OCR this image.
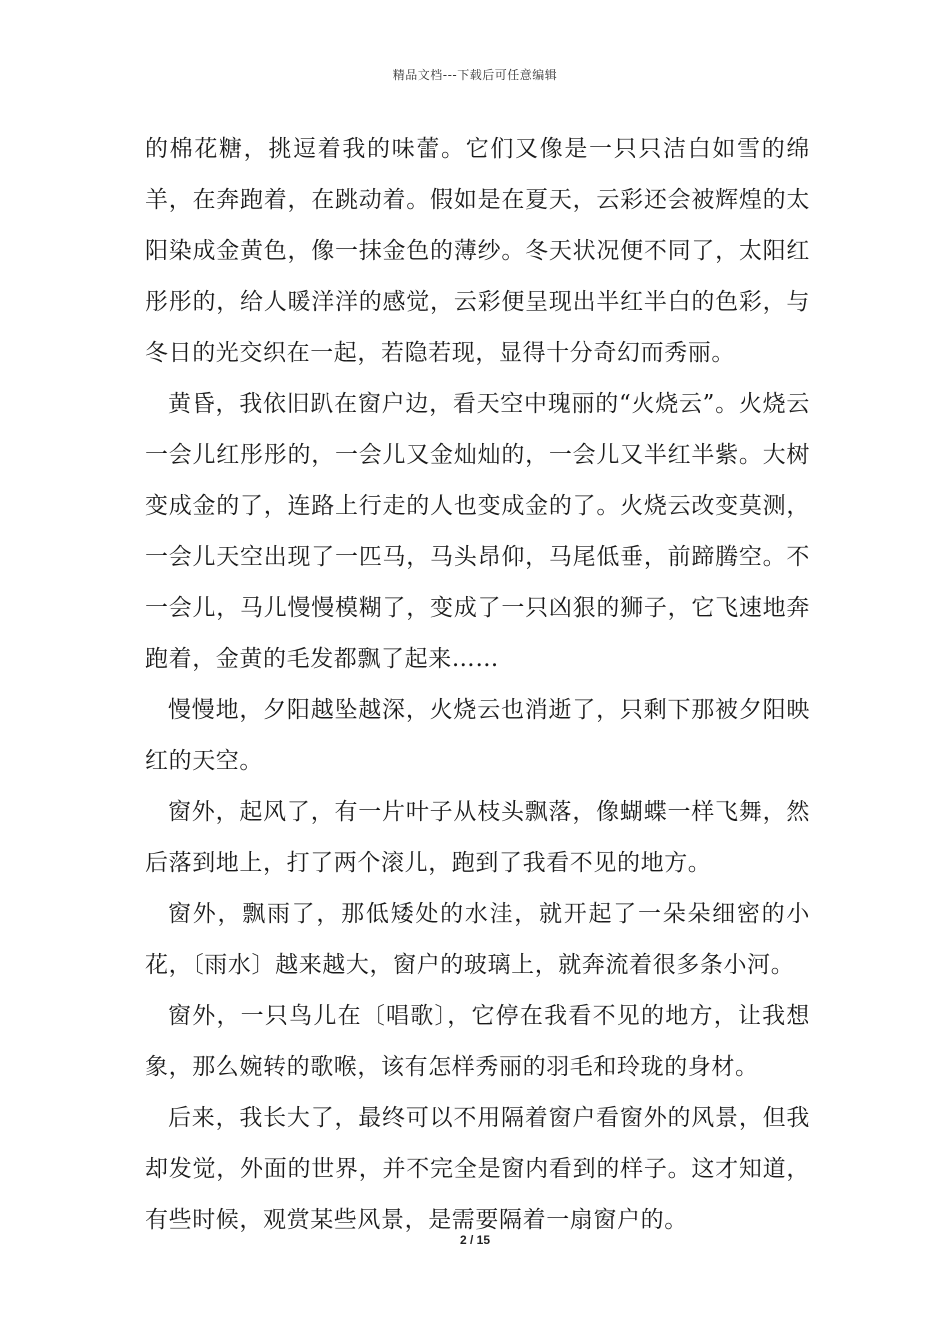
精品文档---下载后可任意编辑

的棉花糖，挑逗着我的味蕾。它们又像是一只只洁白如雪的绵羊，在奔跑着，在跳动着。假如是在夏天，云彩还会被辉煌的太阳染成金黄色，像一抹金色的薄纱。冬天状况便不同了，太阳红彤彤的，给人暖洋洋的感觉，云彩便呈现出半红半白的色彩，与冬日的光交织在一起，若隐若现，显得十分奇幻而秀丽。

黄昏，我依旧趴在窗户边，看天空中瑰丽的“火烧云”。火烧云一会儿红彤彤的，一会儿又金灿灿的，一会儿又半红半紫。大树变成金的了，连路上行走的人也变成金的了。火烧云改变莫测，一会儿天空出现了一匹马，马头昂仰，马尾低垂，前蹄腾空。不一会儿，马儿慢慢模糊了，变成了一只凶狠的狮子，它飞速地奔跑着，金黄的毛发都飘了起来……

慢慢地，夕阳越坠越深，火烧云也消逝了，只剩下那被夕阳映红的天空。

窗外，起风了，有一片叶子从枝头飘落，像蝴蝶一样飞舞，然后落到地上，打了两个滚儿，跑到了我看不见的地方。

窗外，飘雨了，那低矮处的水洼，就开起了一朵朵细密的小花，〔雨水〕越来越大，窗户的玻璃上，就奔流着很多条小河。

窗外，一只鸟儿在〔唱歌〕，它停在我看不见的地方，让我想象，那么婉转的歌喉，该有怎样秀丽的羽毛和玲珑的身材。

后来，我长大了，最终可以不用隔着窗户看窗外的风景，但我却发觉，外面的世界，并不完全是窗内看到的样子。这才知道，有些时候，观赏某些风景，是需要隔着一扇窗户的。

2 / 15
